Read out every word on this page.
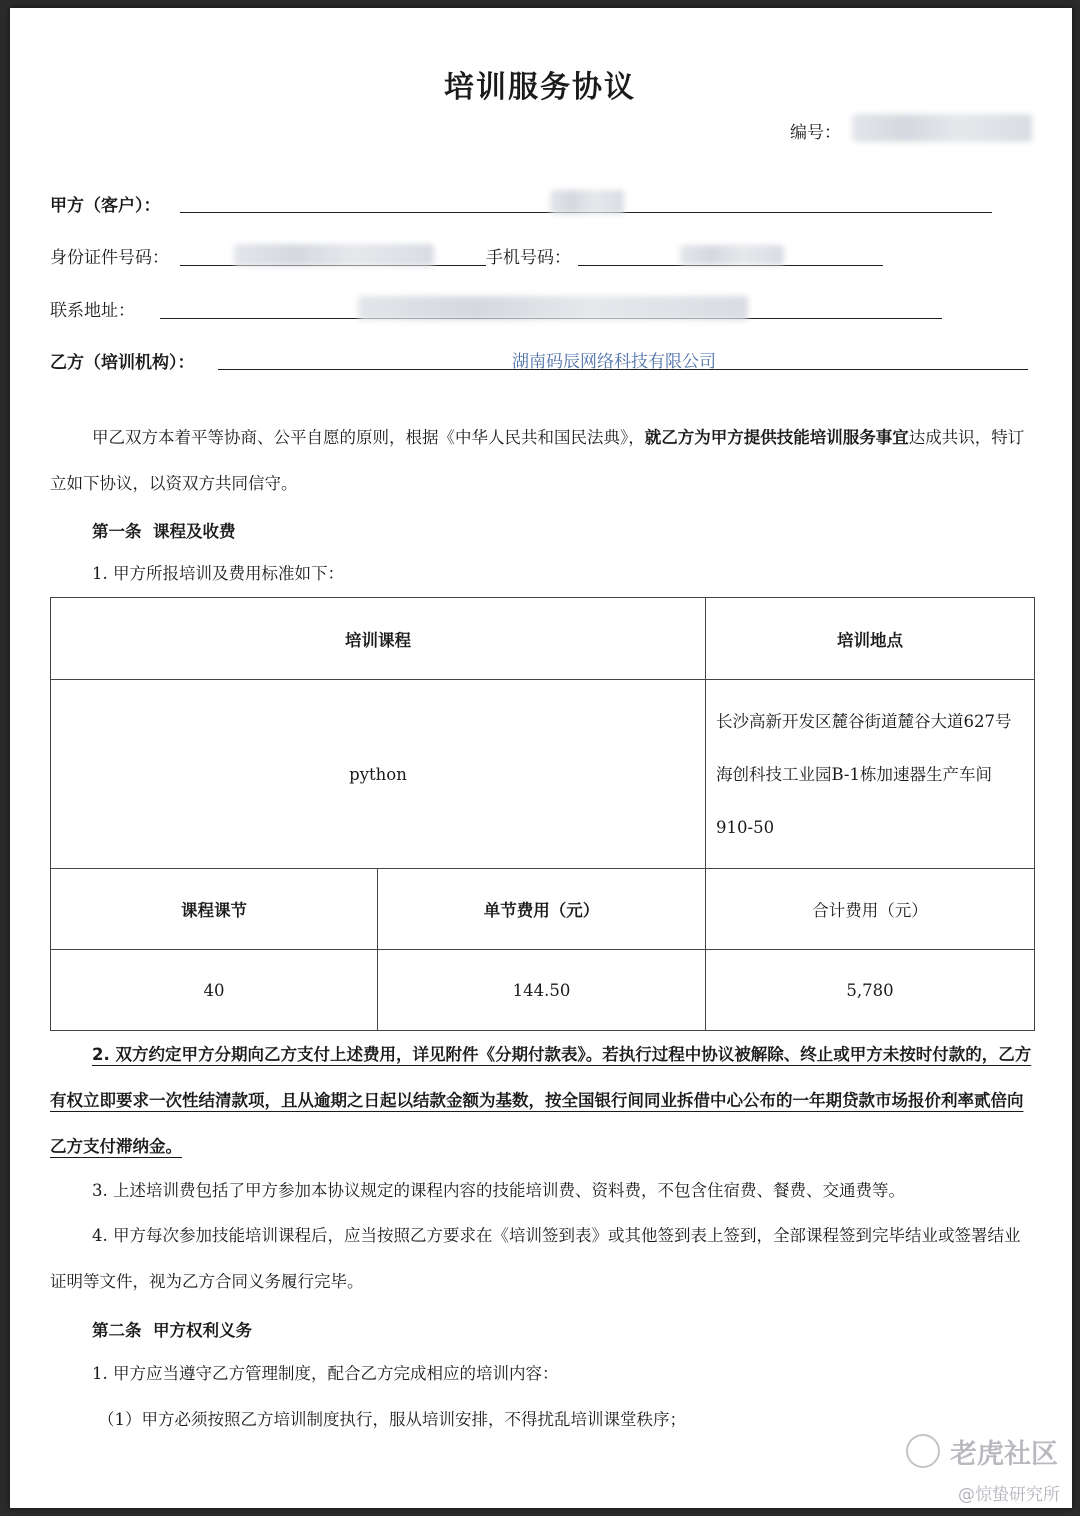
培训服务协议
编号：
甲方（客户）：
身份证件号码：	手机号码：
联系地址：
乙方（培训机构）：	湖南码辰网络科技有限公司
甲乙双方本着平等协商、公平自愿的原则，根据《中华人民共和国民法典》，就乙方为甲方提供技能培训服务事宜达成共识，特订立如下协议，以资双方共同信守。
第一条  课程及收费
1. 甲方所报培训及费用标准如下：
培训课程		培训地点
python		长沙高新开发区麓谷街道麓谷大道627号海创科技工业园B-1栋加速器生产车间910-50
课程课节	单节费用（元）	合计费用（元）
40	144.50	5,780
2. 双方约定甲方分期向乙方支付上述费用，详见附件《分期付款表》。若执行过程中协议被解除、终止或甲方未按时付款的，乙方有权立即要求一次性结清款项，且从逾期之日起以结款金额为基数，按全国银行间同业拆借中心公布的一年期贷款市场报价利率贰倍向乙方支付滞纳金。
3. 上述培训费包括了甲方参加本协议规定的课程内容的技能培训费、资料费，不包含住宿费、餐费、交通费等。
4. 甲方每次参加技能培训课程后，应当按照乙方要求在《培训签到表》或其他签到表上签到，全部课程签到完毕结业或签署结业证明等文件，视为乙方合同义务履行完毕。
第二条  甲方权利义务
1. 甲方应当遵守乙方管理制度，配合乙方完成相应的培训内容：
（1）甲方必须按照乙方培训制度执行，服从培训安排，不得扰乱培训课堂秩序；
老虎社区
@惊蛰研究所
